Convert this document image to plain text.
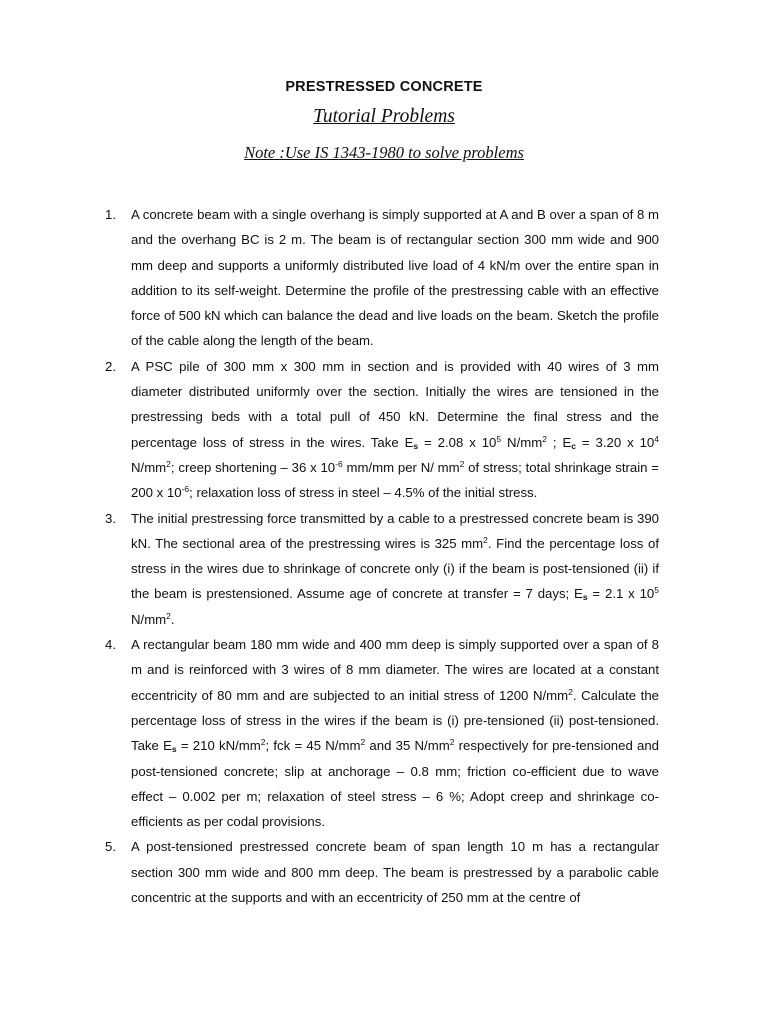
PRESTRESSED CONCRETE
Tutorial Problems
Note :Use IS 1343-1980 to solve problems
1. A concrete beam with a single overhang is simply supported at A and B over a span of 8 m and the overhang BC is 2 m. The beam is of rectangular section 300 mm wide and 900 mm deep and supports a uniformly distributed live load of 4 kN/m over the entire span in addition to its self-weight. Determine the profile of the prestressing cable with an effective force of 500 kN which can balance the dead and live loads on the beam. Sketch the profile of the cable along the length of the beam.
2. A PSC pile of 300 mm x 300 mm in section and is provided with 40 wires of 3 mm diameter distributed uniformly over the section. Initially the wires are tensioned in the prestressing beds with a total pull of 450 kN. Determine the final stress and the percentage loss of stress in the wires. Take $E_s = 2.08$ x $10^5$ $N/mm^2$ ; $E_c = 3.20$ x $10^4$ $N/mm^2$; creep shortening – 36 x $10^{-6}$ mm/mm per N/ $mm^2$ of stress; total shrinkage strain = 200 x $10^{-6}$; relaxation loss of stress in steel – 4.5% of the initial stress.
3. The initial prestressing force transmitted by a cable to a prestressed concrete beam is 390 kN. The sectional area of the prestressing wires is 325 $mm^2$. Find the percentage loss of stress in the wires due to shrinkage of concrete only (i) if the beam is post-tensioned (ii) if the beam is prestensioned. Assume age of concrete at transfer = 7 days; $E_s = 2.1$ x $10^5$ $N/mm^2$.
4. A rectangular beam 180 mm wide and 400 mm deep is simply supported over a span of 8 m and is reinforced with 3 wires of 8 mm diameter. The wires are located at a constant eccentricity of 80 mm and are subjected to an initial stress of 1200 $N/mm^2$. Calculate the percentage loss of stress in the wires if the beam is (i) pre-tensioned (ii) post-tensioned. Take $E_s = 210$ $kN/mm^2$; fck = 45 $N/mm^2$ and 35 $N/mm^2$ respectively for pre-tensioned and post-tensioned concrete; slip at anchorage – 0.8 mm; friction co-efficient due to wave effect – 0.002 per m; relaxation of steel stress – 6 %; Adopt creep and shrinkage co-efficients as per codal provisions.
5. A post-tensioned prestressed concrete beam of span length 10 m has a rectangular section 300 mm wide and 800 mm deep. The beam is prestressed by a parabolic cable concentric at the supports and with an eccentricity of 250 mm at the centre of
